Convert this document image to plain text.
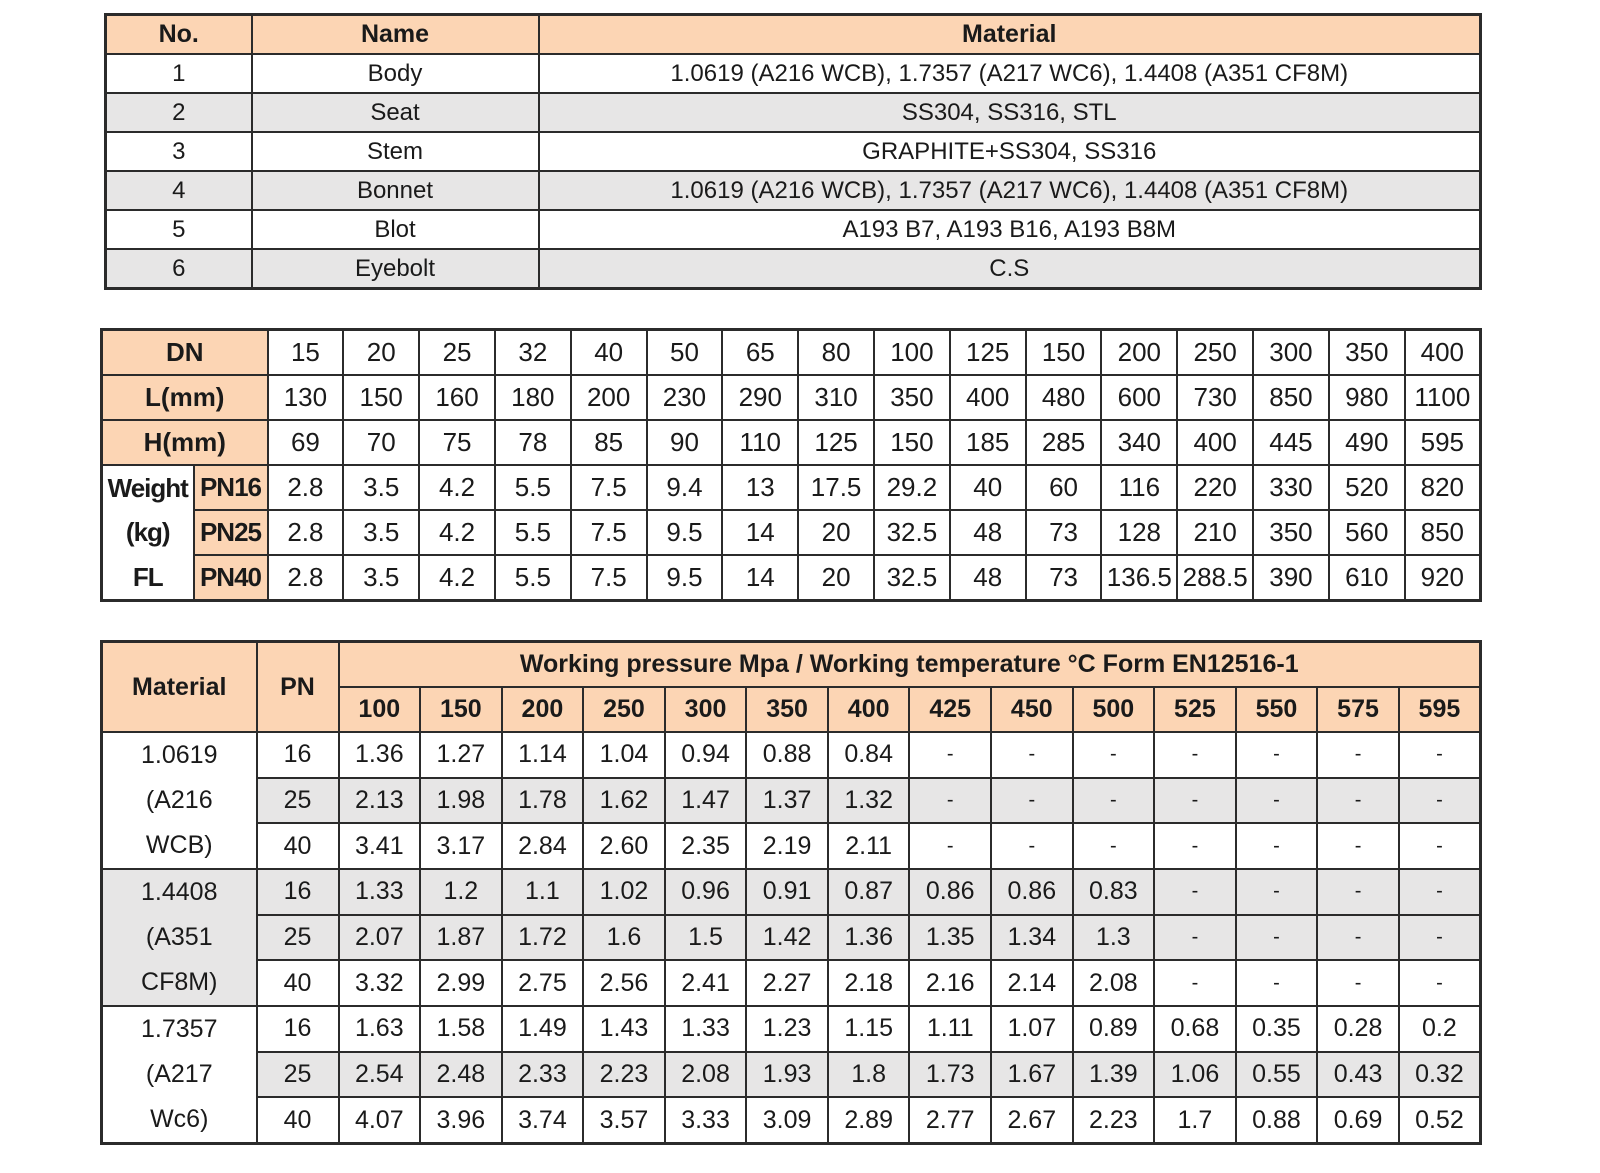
No.	Name	Material
1	Body	1.0619 (A216 WCB), 1.7357 (A217 WC6), 1.4408 (A351 CF8M)
2	Seat	SS304, SS316, STL
3	Stem	GRAPHITE+SS304, SS316
4	Bonnet	1.0619 (A216 WCB), 1.7357 (A217 WC6), 1.4408 (A351 CF8M)
5	Blot	A193 B7, A193 B16, A193 B8M
6	Eyebolt	C.S
DN		15	20	25	32	40	50	65	80	100	125	150	200	250	300	350	400
L(mm)		130	150	160	180	200	230	290	310	350	400	480	600	730	850	980	1100
H(mm)		69	70	75	78	85	90	110	125	150	185	285	340	400	445	490	595
Weight	PN16	2.8	3.5	4.2	5.5	7.5	9.4	13	17.5	29.2	40	60	116	220	330	520	820
(kg)	PN25	2.8	3.5	4.2	5.5	7.5	9.5	14	20	32.5	48	73	128	210	350	560	850
FL	PN40	2.8	3.5	4.2	5.5	7.5	9.5	14	20	32.5	48	73	136.5	288.5	390	610	920
Material	PN	Working pressure Mpa / Working temperature °C Form EN12516-1													
		100	150	200	250	300	350	400	425	450	500	525	550	575	595

1.0619
(A216
WCB)	16	1.36	1.27	1.14	1.04	0.94	0.88	0.84	-	-	-	-	-	-	-
	25	2.13	1.98	1.78	1.62	1.47	1.37	1.32	-	-	-	-	-	-	-
	40	3.41	3.17	2.84	2.60	2.35	2.19	2.11	-	-	-	-	-	-	-

1.4408
(A351
CF8M)	16	1.33	1.2	1.1	1.02	0.96	0.91	0.87	0.86	0.86	0.83	-	-	-	-
	25	2.07	1.87	1.72	1.6	1.5	1.42	1.36	1.35	1.34	1.3	-	-	-	-
	40	3.32	2.99	2.75	2.56	2.41	2.27	2.18	2.16	2.14	2.08	-	-	-	-

1.7357
(A217
Wc6)	16	1.63	1.58	1.49	1.43	1.33	1.23	1.15	1.11	1.07	0.89	0.68	0.35	0.28	0.2
	25	2.54	2.48	2.33	2.23	2.08	1.93	1.8	1.73	1.67	1.39	1.06	0.55	0.43	0.32
	40	4.07	3.96	3.74	3.57	3.33	3.09	2.89	2.77	2.67	2.23	1.7	0.88	0.69	0.52
